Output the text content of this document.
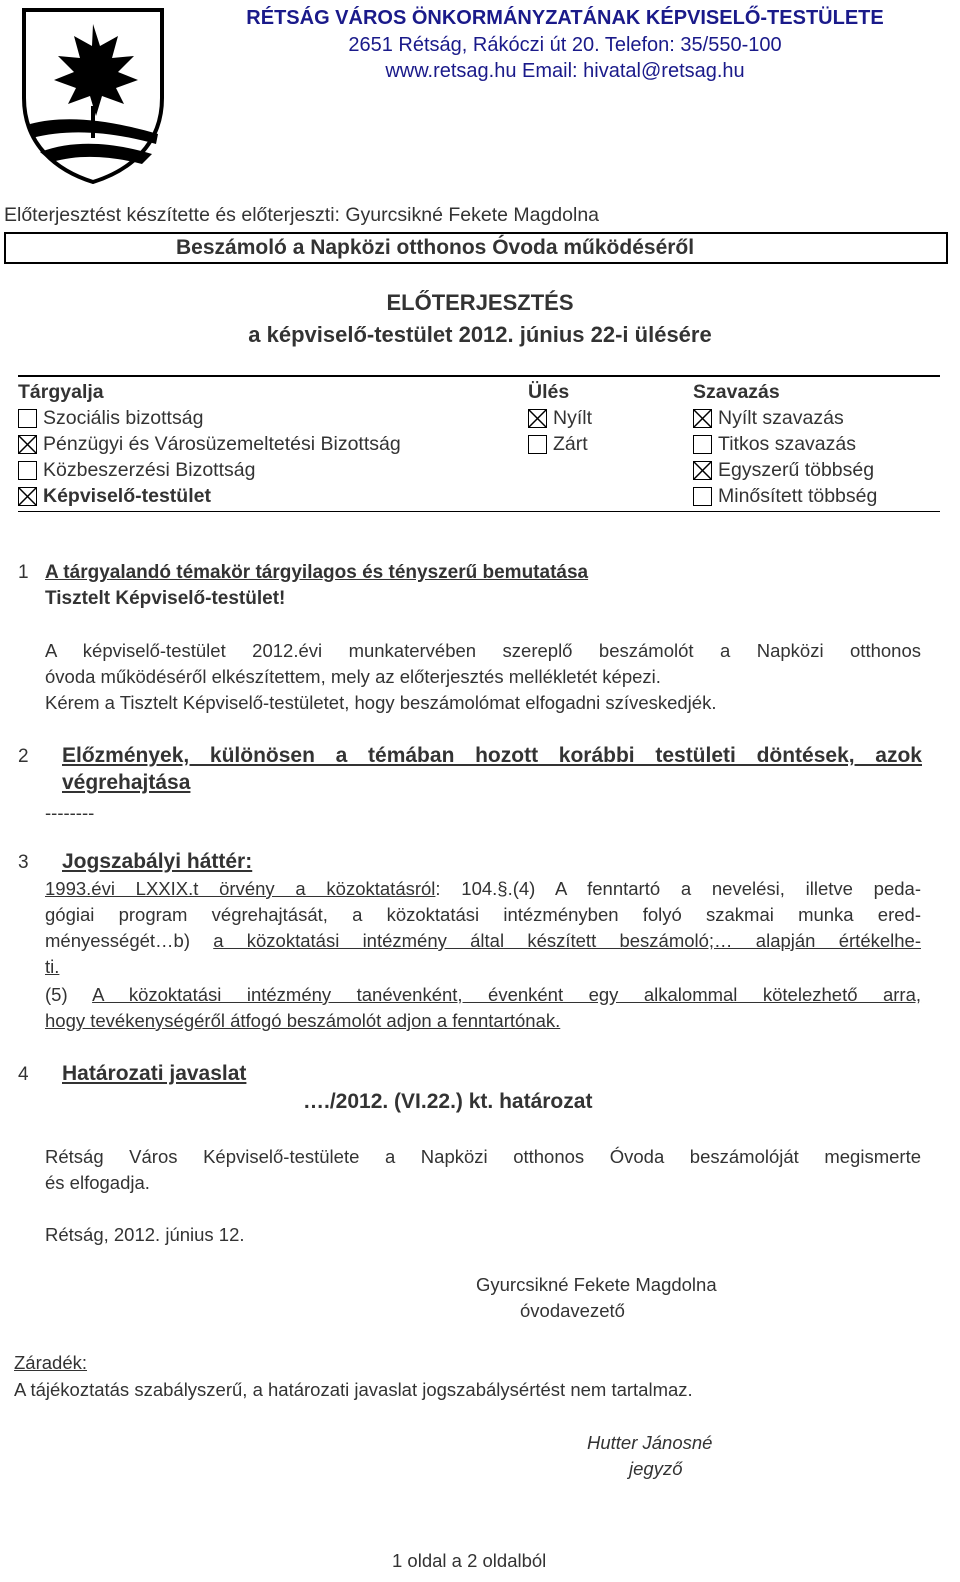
RÉTSÁG VÁROS ÖNKORMÁNYZATÁNAK KÉPVISELŐ-TESTÜLETE
2651 Rétság, Rákóczi út 20. Telefon: 35/550-100
www.retsag.hu Email: hivatal@retsag.hu
Előterjesztést készítette és előterjeszti: Gyurcsikné Fekete Magdolna
Beszámoló a Napközi otthonos Óvoda működéséről
ELŐTERJESZTÉS
a képviselő-testület 2012. június 22-i ülésére
Tárgyalja	Ülés	Szavazás
Szociális bizottság
Pénzügyi és Városüzemeltetési Bizottság
Közbeszerzési Bizottság
Képviselő-testület
Nyílt
Zárt
Nyílt szavazás
Titkos szavazás
Egyszerű többség
Minősített többség
1 A tárgyalandó témakör tárgyilagos és tényszerű bemutatása
Tisztelt Képviselő-testület!
A képviselő-testület 2012.évi munkatervében szereplő beszámolót a Napközi otthonos
óvoda működéséről elkészítettem, mely az előterjesztés mellékletét képezi.
Kérem a Tisztelt Képviselő-testületet, hogy beszámolómat elfogadni szíveskedjék.
2 Előzmények, különösen a témában hozott korábbi testületi döntések, azok
végrehajtása
--------
3 Jogszabályi háttér:
1993.évi LXXIX.t örvény a közoktatásról: 104.§.(4) A fenntartó a nevelési, illetve peda-
gógiai program végrehajtását, a közoktatási intézményben folyó szakmai munka ered-
ményességét…b) a közoktatási intézmény által készített beszámoló;… alapján értékelhe-
ti.
(5) A közoktatási intézmény tanévenként, évenként egy alkalommal kötelezhető arra,
hogy tevékenységéről átfogó beszámolót adjon a fenntartónak.
4 Határozati javaslat
…./2012. (VI.22.) kt. határozat
Rétság Város Képviselő-testülete a Napközi otthonos Óvoda beszámolóját megismerte
és elfogadja.
Rétság, 2012. június 12.
Gyurcsikné Fekete Magdolna
óvodavezető
Záradék:
A tájékoztatás szabályszerű, a határozati javaslat jogszabálysértést nem tartalmaz.
Hutter Jánosné
jegyző
1 oldal a 2 oldalból
